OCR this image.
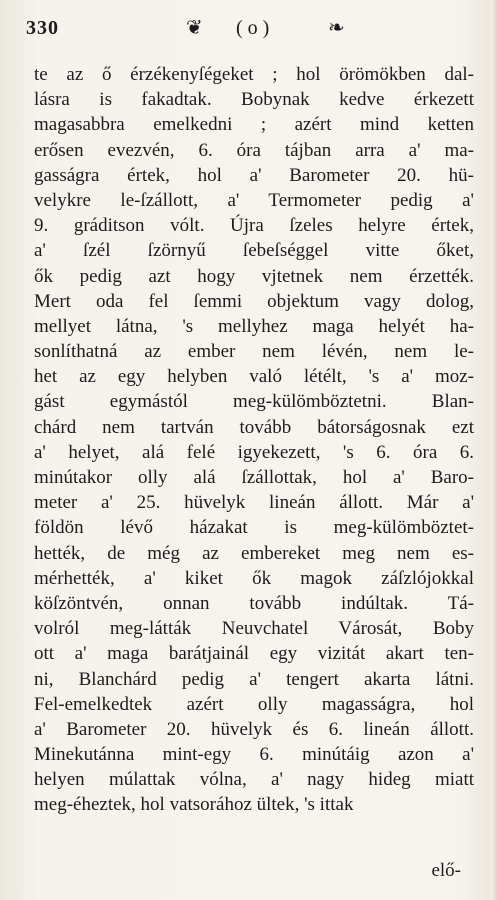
330	❦ ( o )	❧
te az ő érzékenyſégeket ; hol örömökben dal-
lásra is fakadtak. Bobynak kedve érkezett
magasabbra emelkedni ; azért mind ketten
erősen evezvén, 6. óra tájban arra a' ma-
gasságra értek, hol a' Barometer 20. hü-
velykre le-ſzállott, a' Termometer pedig a'
9. gráditson vólt. Újra ſzeles helyre értek,
a' ſzél ſzörnyű ſebeſséggel vitte őket,
ők pedig azt hogy vjtetnek nem érzették.
Mert oda fel ſemmi objektum vagy dolog,
mellyet látna, 's mellyhez maga helyét ha-
sonlíthatná az ember nem lévén, nem le-
het az egy helyben való létélt, 's a' moz-
gást egymástól meg-külömböztetni. Blan-
chárd nem tartván tovább bátorságosnak ezt
a' helyet, alá felé igyekezett, 's 6. óra 6.
minútakor olly alá ſzállottak, hol a' Baro-
meter a' 25. hüvelyk lineán állott. Már a'
földön lévő házakat is meg-külömböztet-
hették, de még az embereket meg nem es-
mérhették, a' kiket ők magok záſzlójokkal
köſzöntvén, onnan tovább indúltak. Tá-
volról meg-látták Neuvchatel Városát, Boby
ott a' maga barátjainál egy vizitát akart ten-
ni, Blanchárd pedig a' tengert akarta látni.
Fel-emelkedtek azért olly magasságra, hol
a' Barometer 20. hüvelyk és 6. lineán állott.
Minekutánna mint-egy 6. minútáig azon a'
helyen múlattak vólna, a' nagy hideg miatt
meg-éheztek, hol vatsorához ültek, 's ittak
elő-
